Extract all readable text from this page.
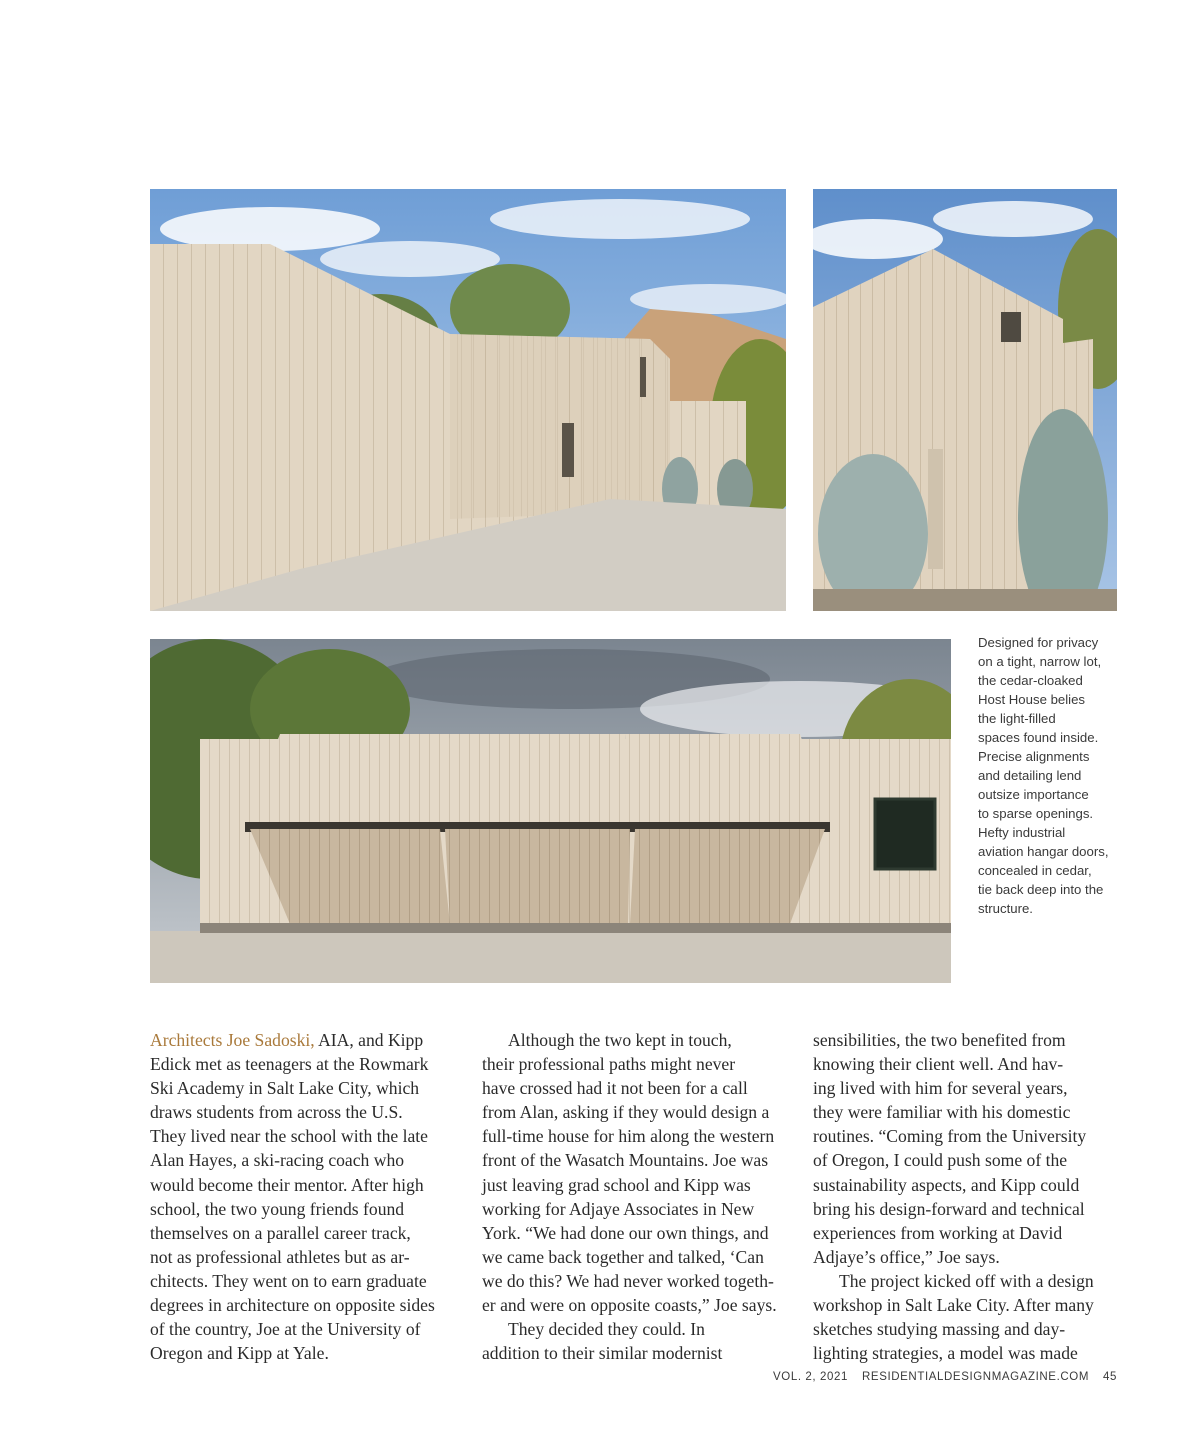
Designed for privacy
on a tight, narrow lot,
the cedar-cloaked
Host House belies
the light-filled
spaces found inside.
Precise alignments
and detailing lend
outsize importance
to sparse openings.
Hefty industrial
aviation hangar doors,
concealed in cedar,
tie back deep into the
structure.
Architects Joe Sadoski, AIA, and Kipp
Edick met as teenagers at the Rowmark
Ski Academy in Salt Lake City, which
draws students from across the U.S.
They lived near the school with the late
Alan Hayes, a ski-racing coach who
would become their mentor. After high
school, the two young friends found
themselves on a parallel career track,
not as professional athletes but as ar-
chitects. They went on to earn graduate
degrees in architecture on opposite sides
of the country, Joe at the University of
Oregon and Kipp at Yale.
Although the two kept in touch,
their professional paths might never
have crossed had it not been for a call
from Alan, asking if they would design a
full-time house for him along the western
front of the Wasatch Mountains. Joe was
just leaving grad school and Kipp was
working for Adjaye Associates in New
York. “We had done our own things, and
we came back together and talked, ‘Can
we do this? We had never worked togeth-
er and were on opposite coasts,” Joe says.
They decided they could. In
addition to their similar modernist
sensibilities, the two benefited from
knowing their client well. And hav-
ing lived with him for several years,
they were familiar with his domestic
routines. “Coming from the University
of Oregon, I could push some of the
sustainability aspects, and Kipp could
bring his design-forward and technical
experiences from working at David
Adjaye’s office,” Joe says.
The project kicked off with a design
workshop in Salt Lake City. After many
sketches studying massing and day-
lighting strategies, a model was made
VOL. 2, 2021 RESIDENTIALDESIGNMAGAZINE.COM 45
